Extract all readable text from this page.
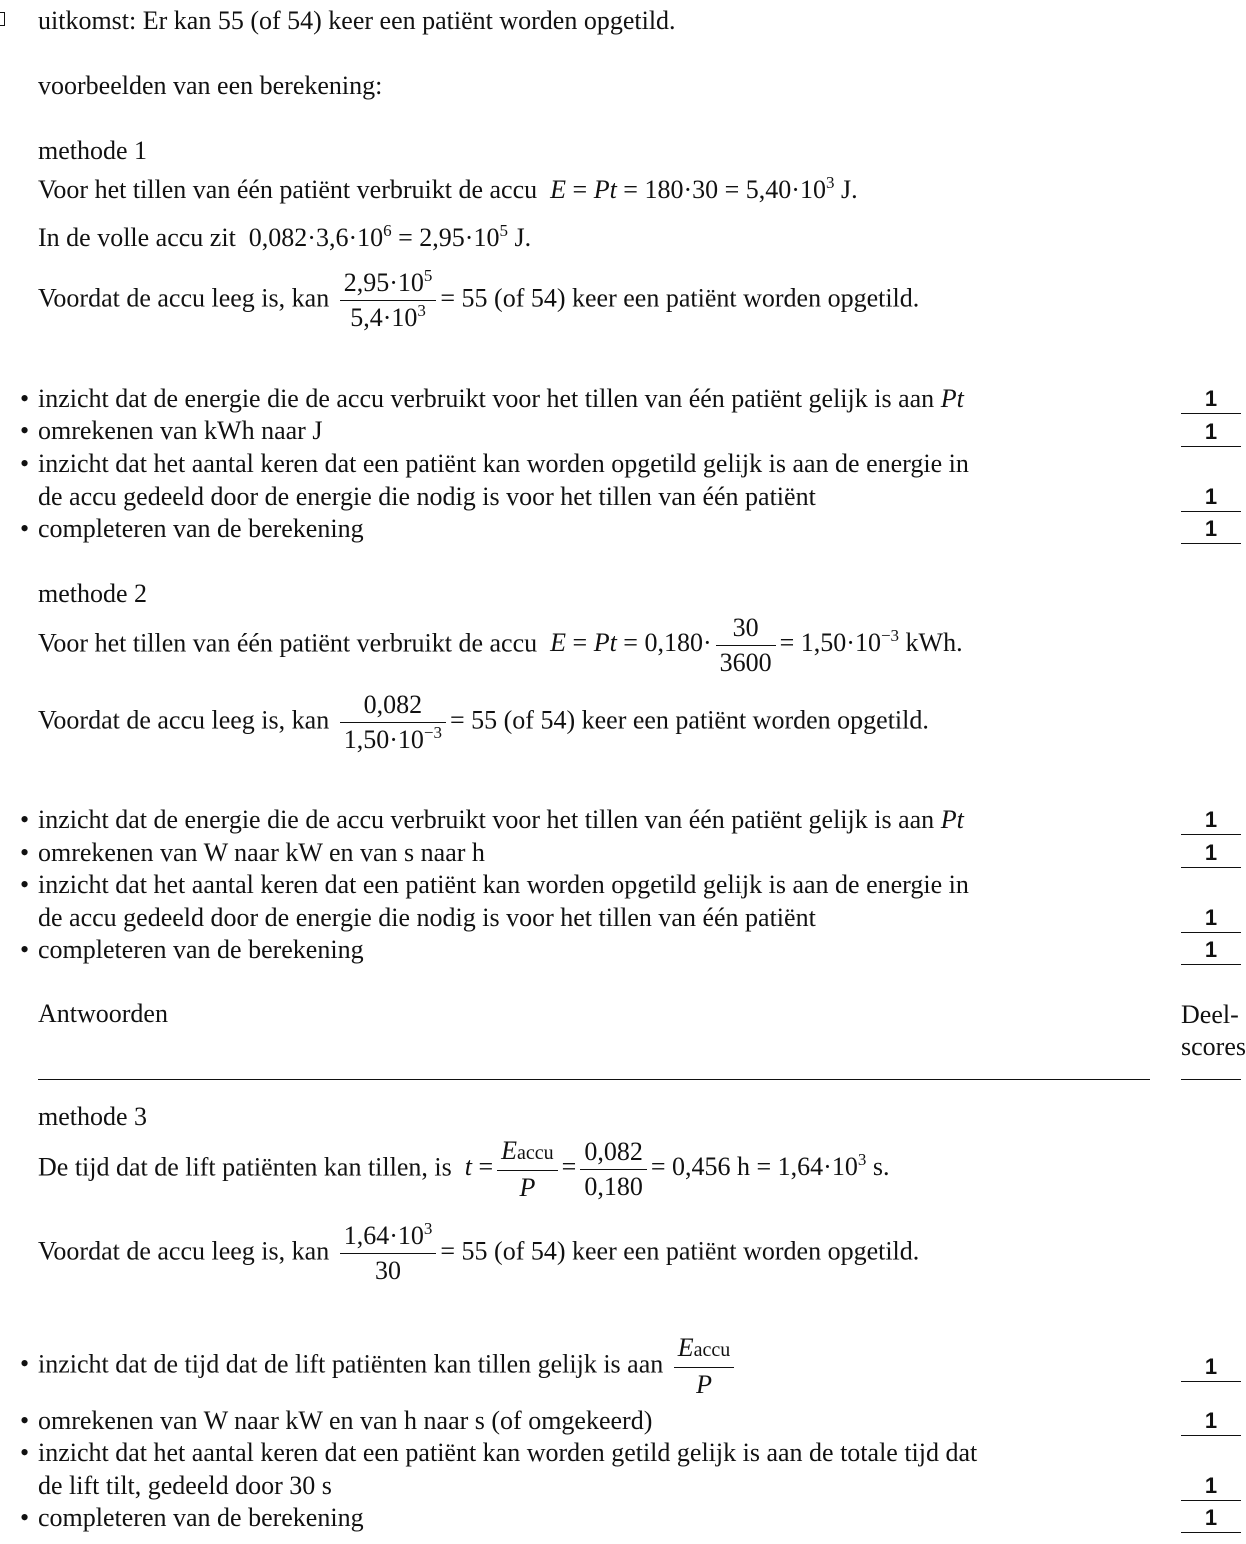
uitkomst: Er kan 55 (of 54) keer een patiënt worden opgetild.
voorbeelden van een berekening:
methode 1
Voor het tillen van één patiënt verbruikt de accu $E = Pt = 180\cdot 30 = 5,40\cdot 10^3$ J.
In de volle accu zit $0,082\cdot 3,6\cdot 10^6 = 2,95\cdot 10^5$ J.
Voordat de accu leeg is, kan $\frac{2,95\cdot 10^5}{5,4\cdot 10^3} = 55$ (of 54) keer een patiënt worden opgetild.
• inzicht dat de energie die de accu verbruikt voor het tillen van één patiënt gelijk is aan Pt	1
• omrekenen van kWh naar J	1
• inzicht dat het aantal keren dat een patiënt kan worden opgetild gelijk is aan de energie in
de accu gedeeld door de energie die nodig is voor het tillen van één patiënt	1
• completeren van de berekening	1
methode 2
Voor het tillen van één patiënt verbruikt de accu $E = Pt = 0,180\cdot \frac{30}{3600} = 1,50\cdot 10^{-3}$ kWh.
Voordat de accu leeg is, kan $\frac{0,082}{1,50\cdot 10^{-3}} = 55$ (of 54) keer een patiënt worden opgetild.
• inzicht dat de energie die de accu verbruikt voor het tillen van één patiënt gelijk is aan Pt	1
• omrekenen van W naar kW en van s naar h	1
• inzicht dat het aantal keren dat een patiënt kan worden opgetild gelijk is aan de energie in
de accu gedeeld door de energie die nodig is voor het tillen van één patiënt	1
• completeren van de berekening	1
Antwoorden	Deel-
scores
methode 3
De tijd dat de lift patiënten kan tillen, is $t = \frac{\text{Eaccu}}{P} = \frac{0,082}{0,180} = 0,456$ $h = 1,64\cdot 10^3$ s.
Voordat de accu leeg is, kan $\frac{1,64\cdot 10^3}{30} = 55$ (of 54) keer een patiënt worden opgetild.
• inzicht dat de tijd dat de lift patiënten kan tillen gelijk is aan $\frac{\text{Eaccu}}{P}$	1
• omrekenen van W naar kW en van h naar s (of omgekeerd)	1
• inzicht dat het aantal keren dat een patiënt kan worden getild gelijk is aan de totale tijd dat
de lift tilt, gedeeld door 30 s	1
• completeren van de berekening	1
